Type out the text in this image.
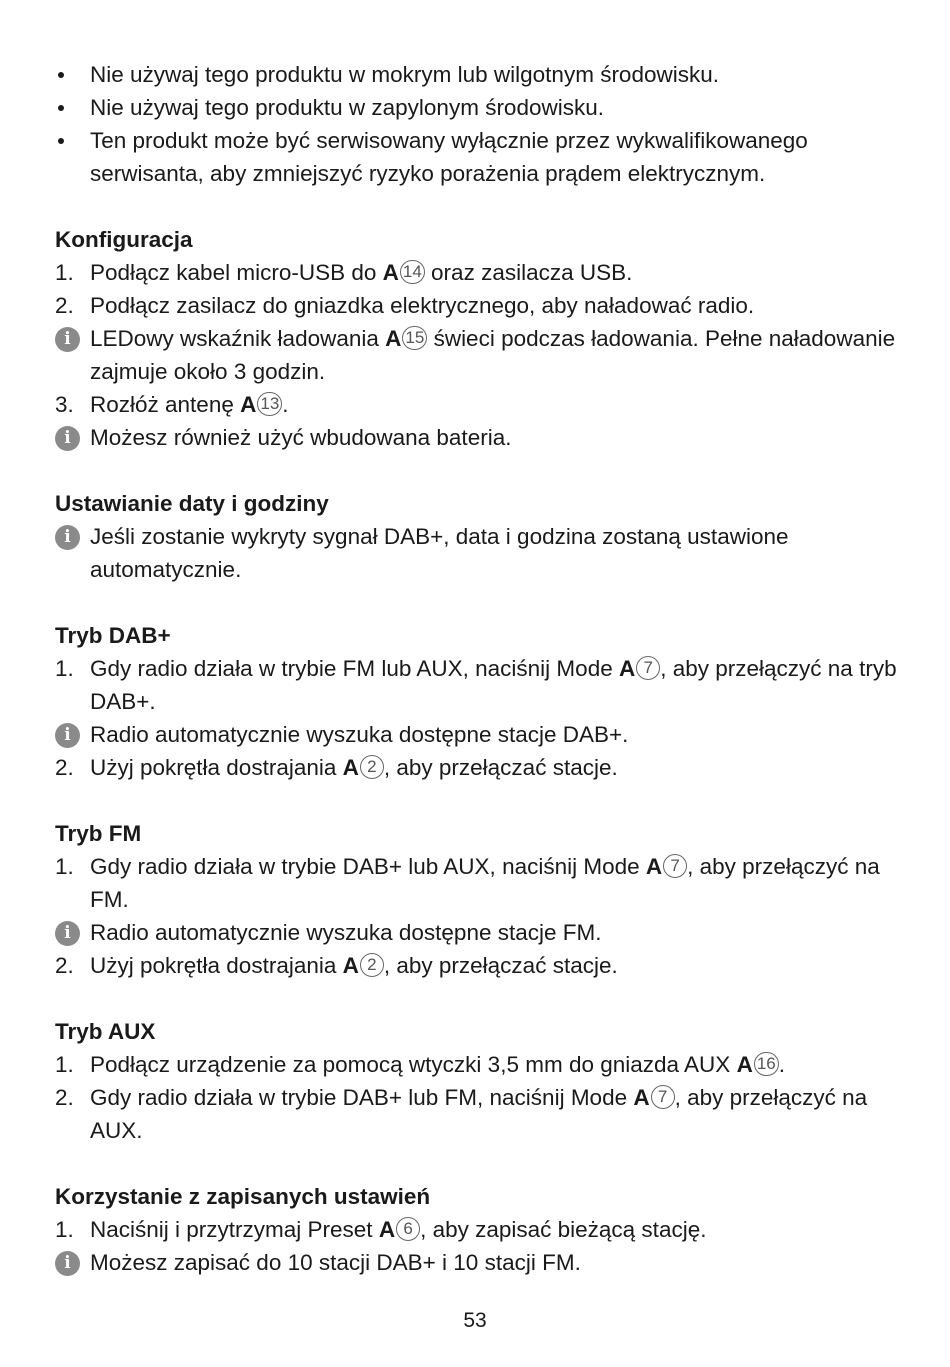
Nie używaj tego produktu w mokrym lub wilgotnym środowisku.
Nie używaj tego produktu w zapylonym środowisku.
Ten produkt może być serwisowany wyłącznie przez wykwalifikowanego serwisanta, aby zmniejszyć ryzyko porażenia prądem elektrycznym.
Konfiguracja
1. Podłącz kabel micro-USB do A 14 oraz zasilacza USB.
2. Podłącz zasilacz do gniazdka elektrycznego, aby naładować radio.
i LEDowy wskaźnik ładowania A 15 świeci podczas ładowania. Pełne naładowanie zajmuje około 3 godzin.
3. Rozłóż antenę A 13 .
i Możesz również użyć wbudowana bateria.
Ustawianie daty i godziny
i Jeśli zostanie wykryty sygnał DAB+, data i godzina zostaną ustawione automatycznie.
Tryb DAB+
1. Gdy radio działa w trybie FM lub AUX, naciśnij Mode A 7 , aby przełączyć na tryb DAB+.
i Radio automatycznie wyszuka dostępne stacje DAB+.
2. Użyj pokrętła dostrajania A 2 , aby przełączać stacje.
Tryb FM
1. Gdy radio działa w trybie DAB+ lub AUX, naciśnij Mode A 7 , aby przełączyć na FM.
i Radio automatycznie wyszuka dostępne stacje FM.
2. Użyj pokrętła dostrajania A 2 , aby przełączać stacje.
Tryb AUX
1. Podłącz urządzenie za pomocą wtyczki 3,5 mm do gniazda AUX A 16 .
2. Gdy radio działa w trybie DAB+ lub FM, naciśnij Mode A 7 , aby przełączyć na AUX.
Korzystanie z zapisanych ustawień
1. Naciśnij i przytrzymaj Preset A 6 , aby zapisać bieżącą stację.
i Możesz zapisać do 10 stacji DAB+ i 10 stacji FM.
53
